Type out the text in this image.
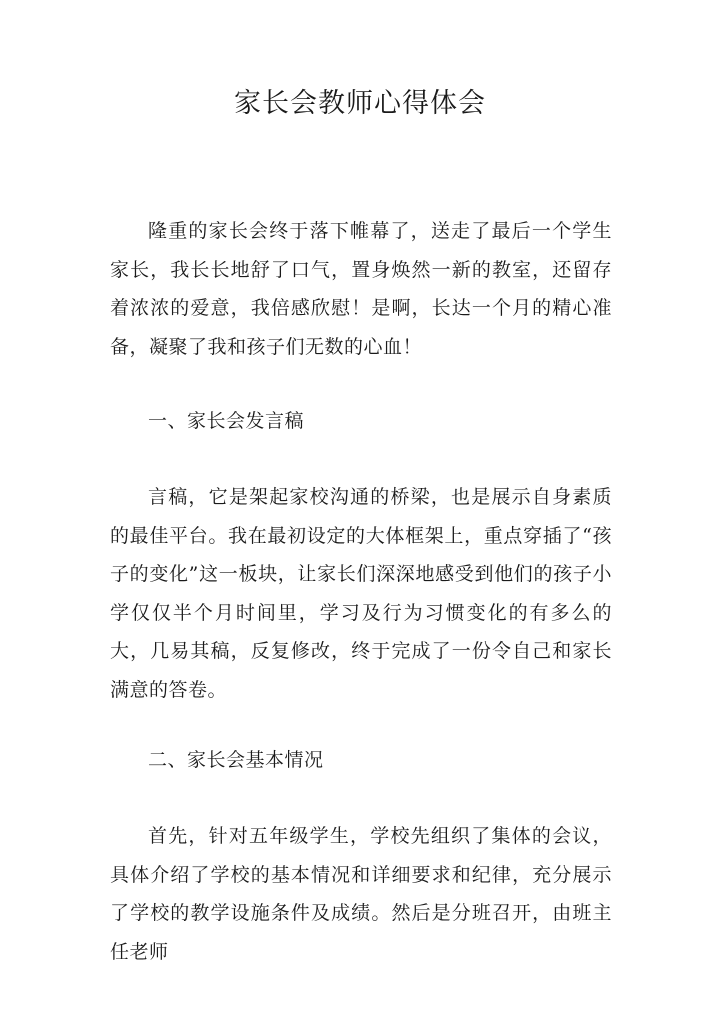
家长会教师心得体会

隆重的家长会终于落下帷幕了，送走了最后一个学生家长，我长长地舒了口气，置身焕然一新的教室，还留存着浓浓的爱意，我倍感欣慰！是啊，长达一个月的精心准备，凝聚了我和孩子们无数的心血！

一、家长会发言稿

言稿，它是架起家校沟通的桥梁，也是展示自身素质的最佳平台。我在最初设定的大体框架上，重点穿插了“孩子的变化”这一板块，让家长们深深地感受到他们的孩子小学仅仅半个月时间里，学习及行为习惯变化的有多么的大，几易其稿，反复修改，终于完成了一份令自己和家长满意的答卷。

二、家长会基本情况

首先，针对五年级学生，学校先组织了集体的会议，具体介绍了学校的基本情况和详细要求和纪律，充分展示了学校的教学设施条件及成绩。然后是分班召开，由班主任老师
